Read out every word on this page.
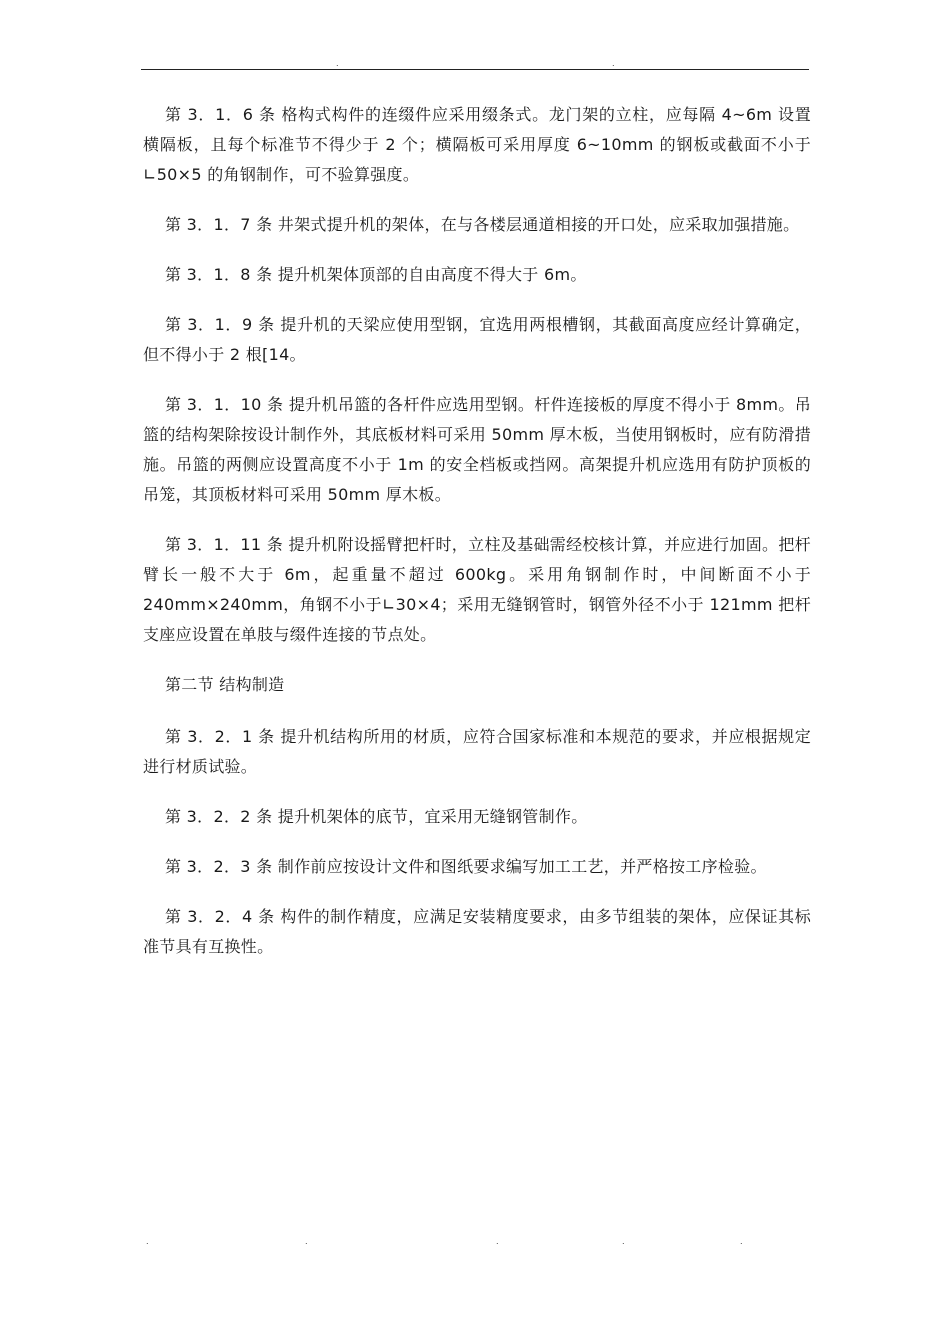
.	.

第 3．1．6 条 格构式构件的连缀件应采用缀条式。龙门架的立柱，应每隔 4~6m 设置横隔板，且每个标准节不得少于 2 个；横隔板可采用厚度 6~10mm 的钢板或截面不小于∟50×5 的角钢制作，可不验算强度。

第 3．1．7 条 井架式提升机的架体，在与各楼层通道相接的开口处，应采取加强措施。

第 3．1．8 条 提升机架体顶部的自由高度不得大于 6m。

第 3．1．9 条 提升机的天梁应使用型钢，宜选用两根槽钢，其截面高度应经计算确定，但不得小于 2 根[14。

第 3．1．10 条 提升机吊篮的各杆件应选用型钢。杆件连接板的厚度不得小于 8mm。吊篮的结构架除按设计制作外，其底板材料可采用 50mm 厚木板，当使用钢板时，应有防滑措施。吊篮的两侧应设置高度不小于 1m 的安全档板或挡网。高架提升机应选用有防护顶板的吊笼，其顶板材料可采用 50mm 厚木板。

第 3．1．11 条 提升机附设摇臂把杆时，立柱及基础需经校核计算，并应进行加固。把杆臂长一般不大于 6m，起重量不超过 600kg。采用角钢制作时，中间断面不小于 240mm×240mm，角钢不小于∟30×4；采用无缝钢管时，钢管外径不小于 121mm 把杆支座应设置在单肢与缀件连接的节点处。

第二节 结构制造

第 3．2．1 条 提升机结构所用的材质，应符合国家标准和本规范的要求，并应根据规定进行材质试验。

第 3．2．2 条 提升机架体的底节，宜采用无缝钢管制作。

第 3．2．3 条 制作前应按设计文件和图纸要求编写加工工艺，并严格按工序检验。

第 3．2．4 条 构件的制作精度，应满足安装精度要求，由多节组装的架体，应保证其标准节具有互换性。

.	.	.	.	.
